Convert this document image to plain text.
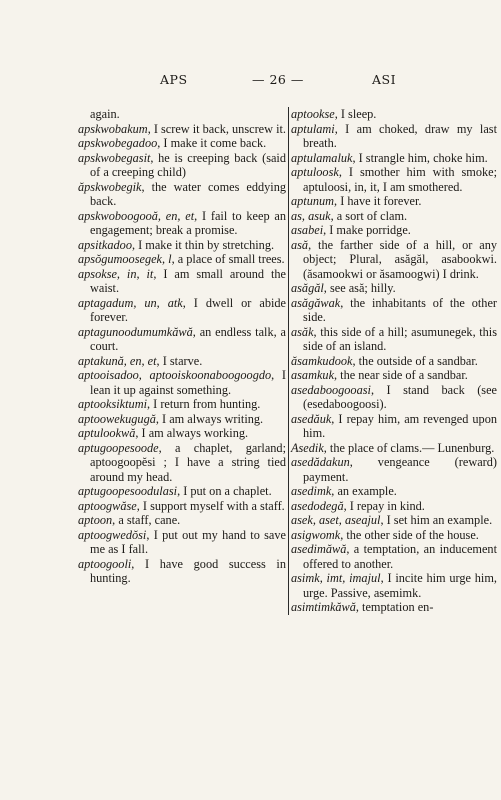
APS	— 26 —	ASI

again.

apskwobakum, I screw it back, unscrew it.

apskwobegadoo, I make it come back.

apskwobegasit, he is creeping back (said of a creeping child)

ăpskwobegik, the water comes eddying back.

apskwoboogooă, en, et, I fail to keep an engagement; break a promise.

apsitkadoo, I make it thin by stretching.

apsŏgumoosegek, l, a place of small trees.

apsokse, in, it, I am small around the waist.

aptagadum, un, atk, I dwell or abide forever.

aptagunoodumumkăwă, an endless talk, a court.

aptakună, en, et, I starve.

aptooisadoo, aptooiskoonaboogoogdo, I lean it up against something.

aptooksiktumi, I return from hunting.

aptoowekugugă, I am always writing.

aptulookwă, I am always working.

aptugoopesoode, a chaplet, garland; aptoogoopĕsi ; I have a string tied around my head.

aptugoopesoodulasi, I put on a chaplet.

aptoogwăse, I support myself with a staff.

aptoon, a staff, cane.

aptoogwedŏsi, I put out my hand to save me as I fall.

aptoogooli, I have good success in hunting.

aptookse, I sleep.

aptulami, I am choked, draw my last breath.

aptulamaluk, I strangle him, choke him.

aptuloosk, I smother him with smoke; aptuloosi, in, it, I am smothered.

aptunum, I have it forever.

as, asuk, a sort of clam.

asabei, I make porridge.

asă, the farther side of a hill, or any object; Plural, asăgăl, asabookwi. (ăsamookwi or ăsamoogwi) I drink.

asăgăl, see asă; hilly.

asăgăwak, the inhabitants of the other side.

asăk, this side of a hill; asumunegek, this side of an island.

ăsamkudook, the outside of a sandbar.

asamkuk, the near side of a sandbar.

asedaboogooasi, I stand back (see (esedaboogoosi).

asedăuk, I repay him, am revenged upon him.

Asedik, the place of clams.— Lunenburg.

asedădakun, vengeance (reward) payment.

asedimk, an example.

asedodegă, I repay in kind.

asek, aset, aseajul, I set him an example.

asigwomk, the other side of the house.

asedimăwă, a temptation, an inducement offered to another.

asimk, imt, imajul, I incite him urge him, urge. Passive, asemimk.

asimtimkăwă, temptation en-
